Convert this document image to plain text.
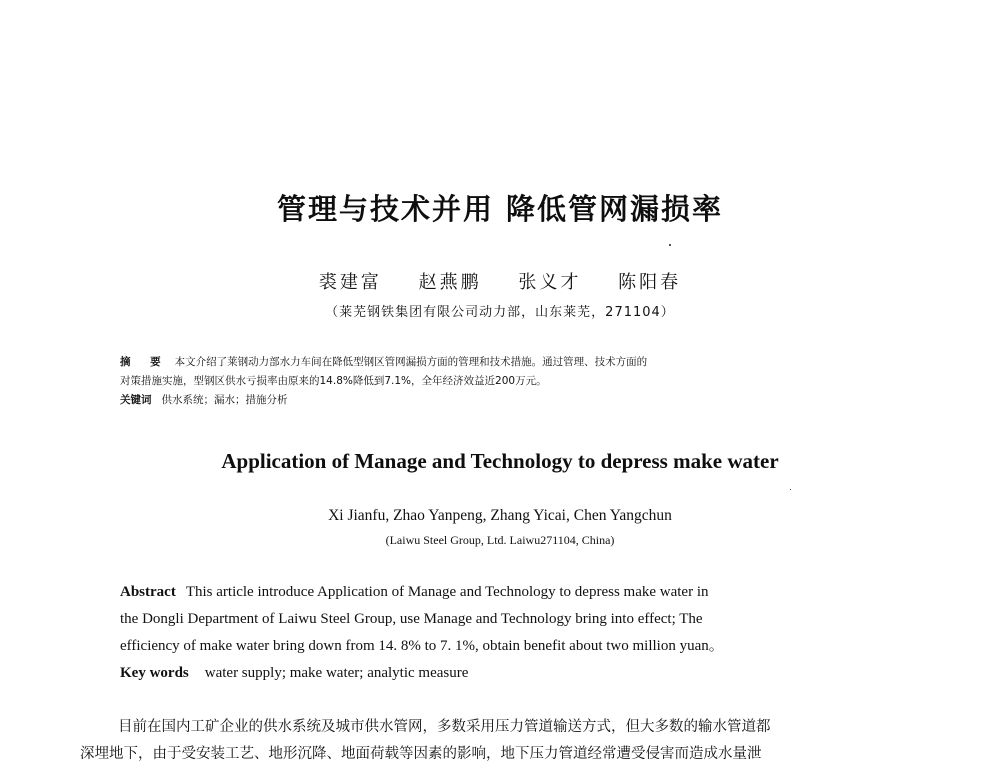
管理与技术并用 降低管网漏损率
裘建富 赵燕鹏 张义才 陈阳春
（莱芜钢铁集团有限公司动力部，山东莱芜，271104）
摘 要 本文介绍了莱钢动力部水力车间在降低型钢区管网漏损方面的管理和技术措施。通过管理、技术方面的
对策措施实施，型钢区供水亏损率由原来的14.8%降低到7.1%，全年经济效益近200万元。
关键词 供水系统；漏水；措施分析
Application of Manage and Technology to depress make water
Xi Jianfu, Zhao Yanpeng, Zhang Yicai, Chen Yangchun
(Laiwu Steel Group, Ltd. Laiwu271104, China)

Abstract This article introduce Application of Manage and Technology to depress make water in

the Dongli Department of Laiwu Steel Group, use Manage and Technology bring into effect; The

efficiency of make water bring down from 14. 8% to 7. 1%, obtain benefit about two million yuan。

Key words water supply; make water; analytic measure

目前在国内工矿企业的供水系统及城市供水管网，多数采用压力管道输送方式，但大多数的输水管道都

深埋地下，由于受安装工艺、地形沉降、地面荷载等因素的影响，地下压力管道经常遭受侵害而造成水量泄
